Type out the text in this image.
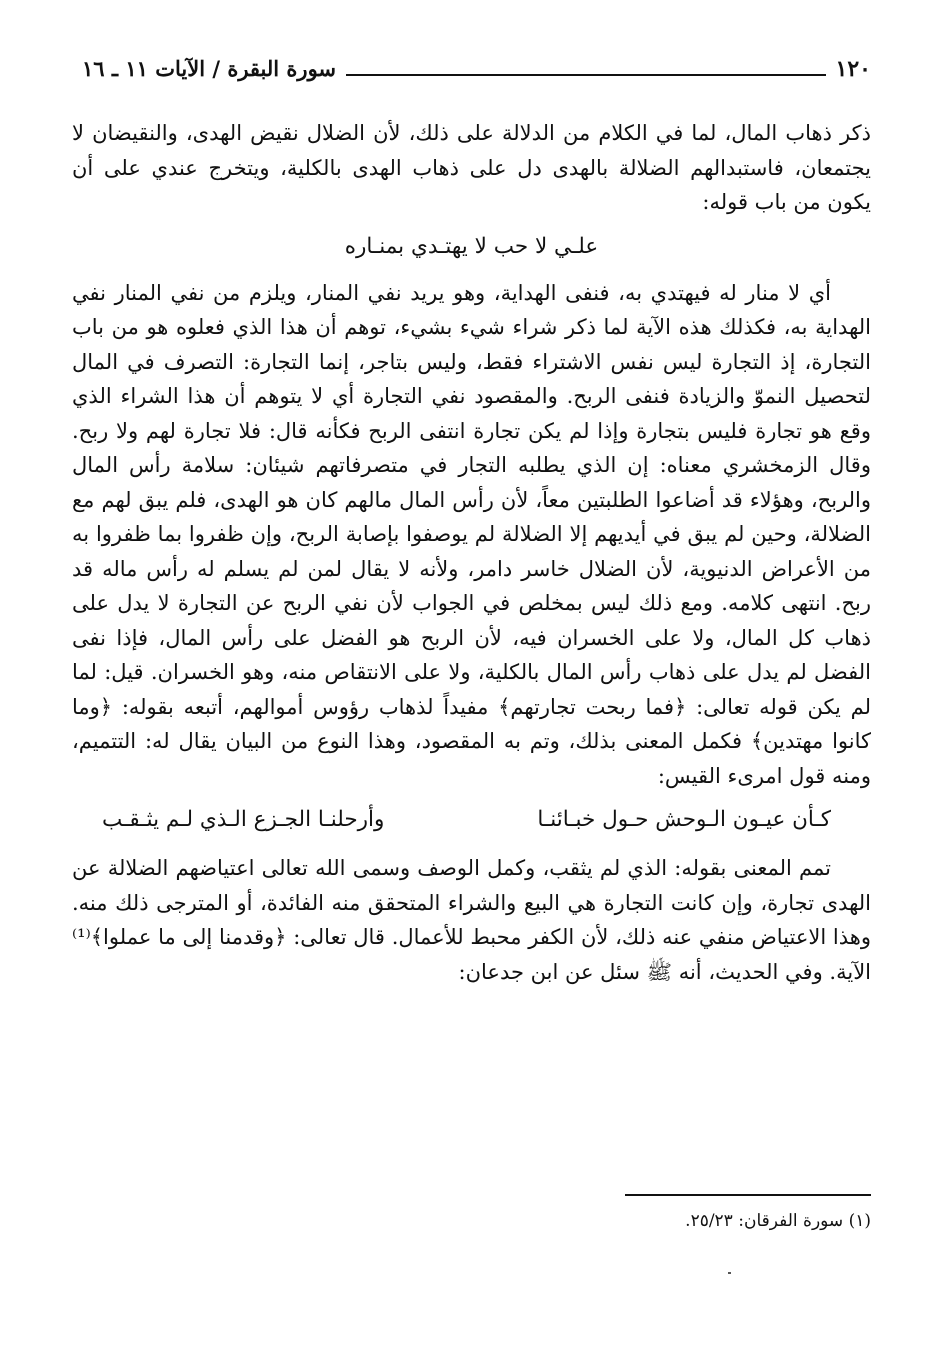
١٢٠
سورة البقرة / الآيات ١١ ـ ١٦

ذكر ذهاب المال، لما في الكلام من الدلالة على ذلك، لأن الضلال نقيض الهدى، والنقيضان لا يجتمعان، فاستبدالهم الضلالة بالهدى دل على ذهاب الهدى بالكلية، ويتخرج عندي على أن يكون من باب قوله:

علـي لا حب لا يهتـدي بمنـاره

أي لا منار له فيهتدي به، فنفى الهداية، وهو يريد نفي المنار، ويلزم من نفي المنار نفي الهداية به، فكذلك هذه الآية لما ذكر شراء شيء بشيء، توهم أن هذا الذي فعلوه هو من باب التجارة، إذ التجارة ليس نفس الاشتراء فقط، وليس بتاجر، إنما التجارة: التصرف في المال لتحصيل النموّ والزيادة فنفى الربح. والمقصود نفي التجارة أي لا يتوهم أن هذا الشراء الذي وقع هو تجارة فليس بتجارة وإذا لم يكن تجارة انتفى الربح فكأنه قال: فلا تجارة لهم ولا ربح. وقال الزمخشري معناه: إن الذي يطلبه التجار في متصرفاتهم شيئان: سلامة رأس المال والربح، وهؤلاء قد أضاعوا الطلبتين معاً، لأن رأس المال مالهم كان هو الهدى، فلم يبق لهم مع الضلالة، وحين لم يبق في أيديهم إلا الضلالة لم يوصفوا بإصابة الربح، وإن ظفروا بما ظفروا به من الأعراض الدنيوية، لأن الضلال خاسر دامر، ولأنه لا يقال لمن لم يسلم له رأس ماله قد ربح. انتهى كلامه. ومع ذلك ليس بمخلص في الجواب لأن نفي الربح عن التجارة لا يدل على ذهاب كل المال، ولا على الخسران فيه، لأن الربح هو الفضل على رأس المال، فإذا نفى الفضل لم يدل على ذهاب رأس المال بالكلية، ولا على الانتقاص منه، وهو الخسران. قيل: لما لم يكن قوله تعالى: ﴿فما ربحت تجارتهم﴾ مفيداً لذهاب رؤوس أموالهم، أتبعه بقوله: ﴿وما كانوا مهتدين﴾ فكمل المعنى بذلك، وتم به المقصود، وهذا النوع من البيان يقال له: التتميم، ومنه قول امرىء القيس:

كـأن عيـون الـوحش حـول خبـائنـا
وأرحلنـا الجـزع الـذي لـم يثـقـب

تمم المعنى بقوله: الذي لم يثقب، وكمل الوصف وسمى الله تعالى اعتياضهم الضلالة عن الهدى تجارة، وإن كانت التجارة هي البيع والشراء المتحقق منه الفائدة، أو المترجى ذلك منه. وهذا الاعتياض منفي عنه ذلك، لأن الكفر محبط للأعمال. قال تعالى: ﴿وقدمنا إلى ما عملوا﴾⁽¹⁾ الآية. وفي الحديث، أنه ﷺ سئل عن ابن جدعان:

(١) سورة الفرقان: ٢٥/٢٣.
